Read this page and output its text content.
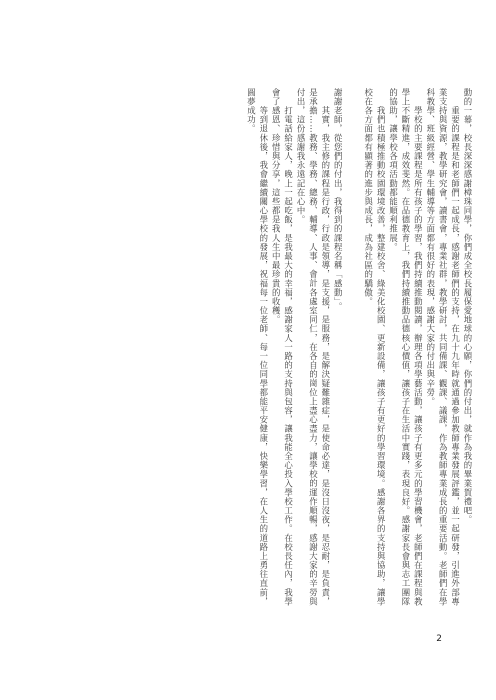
動的一幕，校長深深感謝樟珠同學，你們成全校長履保愛地球的心願，你們的付出，就作為我的畢業賀禮吧。

　　重要的課程是和老師們一起成長，感謝老師們的支持，在九十九年時就通過參加教師專業發展評鑑，並一起研發，引進外部專業支持與資源，教學研究會，讀書會，專業社群，教學研討，共同備課、觀課、議課，作為教師專業成長的重要活動。老師們在學科教學、班級經營、學生輔導等方面都有很好的表現，感謝大家的付出與辛勞。

　　學校的主要課程是所有孩子的學習，我們持續推動閱讀，辦理各項學藝活動，讓孩子有更多元的學習機會，老師們在課程與教學上不斷精進，成效斐然。在品德教育上，我們持續推動品德核心價值，讓孩子在生活中實踐，表現良好。感謝家長會與志工團隊的協助，讓學校各項活動都能順利推展。

　　我們也積極推動校園環境改善，整建校舍、綠美化校園、更新設備，讓孩子有更好的學習環境。感謝各界的支持與協助，讓學校在各方面都有顯著的進步與成長，成為社區的驕傲。

謝謝老師，從您們的付出，我得到的課程名稱「感動」。

　　其實，我主修的課程是行政，行政是領導，是支援，是服務，是解決疑難雜症，是使命必達，是沒日沒夜，是忍耐，是負責，是承擔……教務、學務、總務、輔導、人事、會計各處室同仁，在各自的崗位上盡心盡力，讓學校的運作順暢，感謝大家的辛勞與付出，這份感謝我永遠記在心中。

　　打電話給家人，晚上一起吃飯，是我最大的幸福，感謝家人一路的支持與包容，讓我能全心投入學校工作。在校長任內，我學會了感恩、珍惜與分享，這些都是我人生中最珍貴的收穫。

　　等到退休後，我會繼續關心學校的發展，祝福每一位老師、每一位同學都能平安健康，快樂學習，在人生的道路上勇往直前，圓夢成功。

2
